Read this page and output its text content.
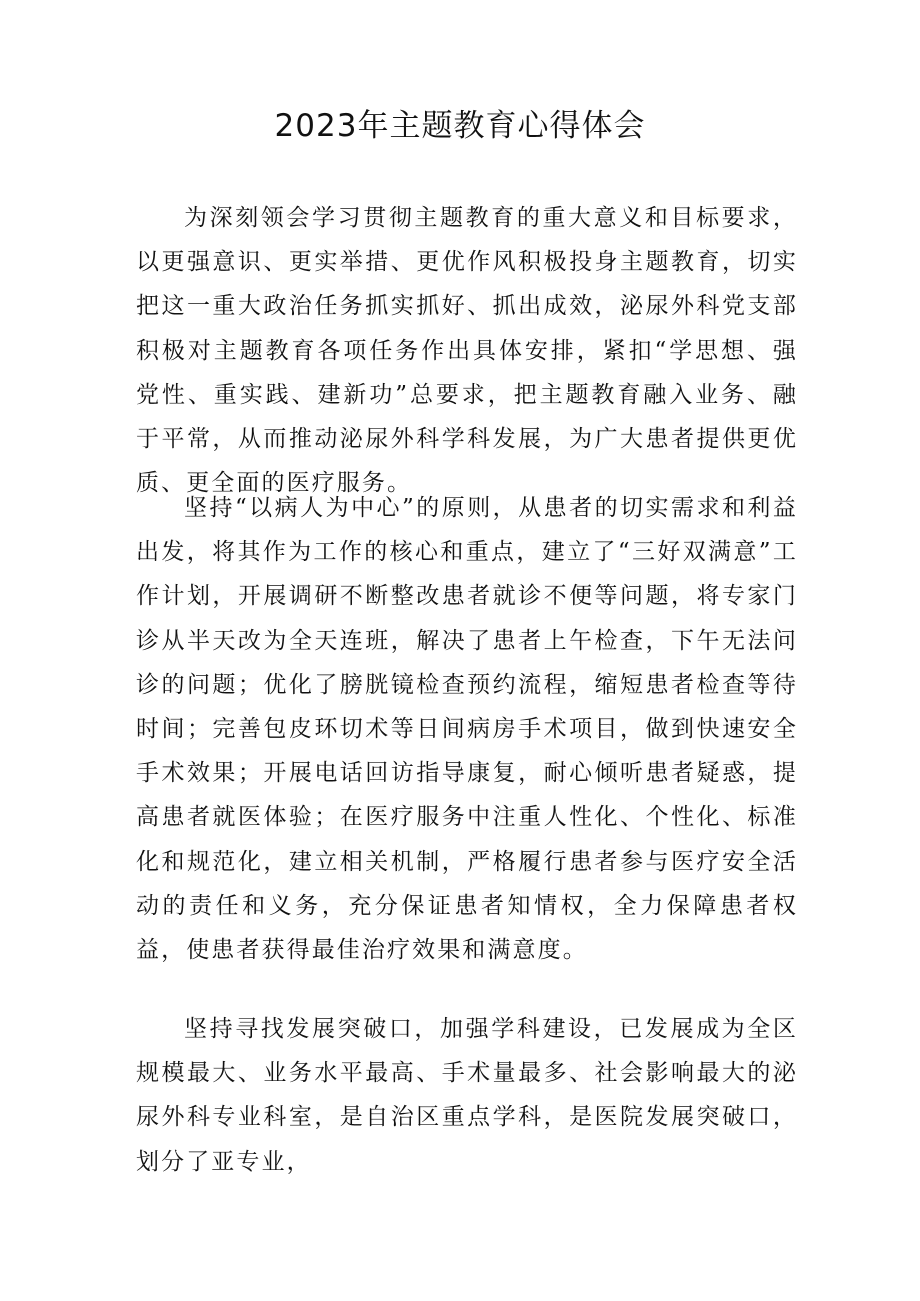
2023年主题教育心得体会

为深刻领会学习贯彻主题教育的重大意义和目标要求，以更强意识、更实举措、更优作风积极投身主题教育，切实把这一重大政治任务抓实抓好、抓出成效，泌尿外科党支部积极对主题教育各项任务作出具体安排，紧扣“学思想、强党性、重实践、建新功”总要求，把主题教育融入业务、融于平常，从而推动泌尿外科学科发展，为广大患者提供更优质、更全面的医疗服务。

坚持“以病人为中心”的原则，从患者的切实需求和利益出发，将其作为工作的核心和重点，建立了“三好双满意”工作计划，开展调研不断整改患者就诊不便等问题，将专家门诊从半天改为全天连班，解决了患者上午检查，下午无法问诊的问题；优化了膀胱镜检查预约流程，缩短患者检查等待时间；完善包皮环切术等日间病房手术项目，做到快速安全手术效果；开展电话回访指导康复，耐心倾听患者疑惑，提高患者就医体验；在医疗服务中注重人性化、个性化、标准化和规范化，建立相关机制，严格履行患者参与医疗安全活动的责任和义务，充分保证患者知情权，全力保障患者权益，使患者获得最佳治疗效果和满意度。

坚持寻找发展突破口，加强学科建设，已发展成为全区规模最大、业务水平最高、手术量最多、社会影响最大的泌尿外科专业科室，是自治区重点学科，是医院发展突破口，划分了亚专业，
